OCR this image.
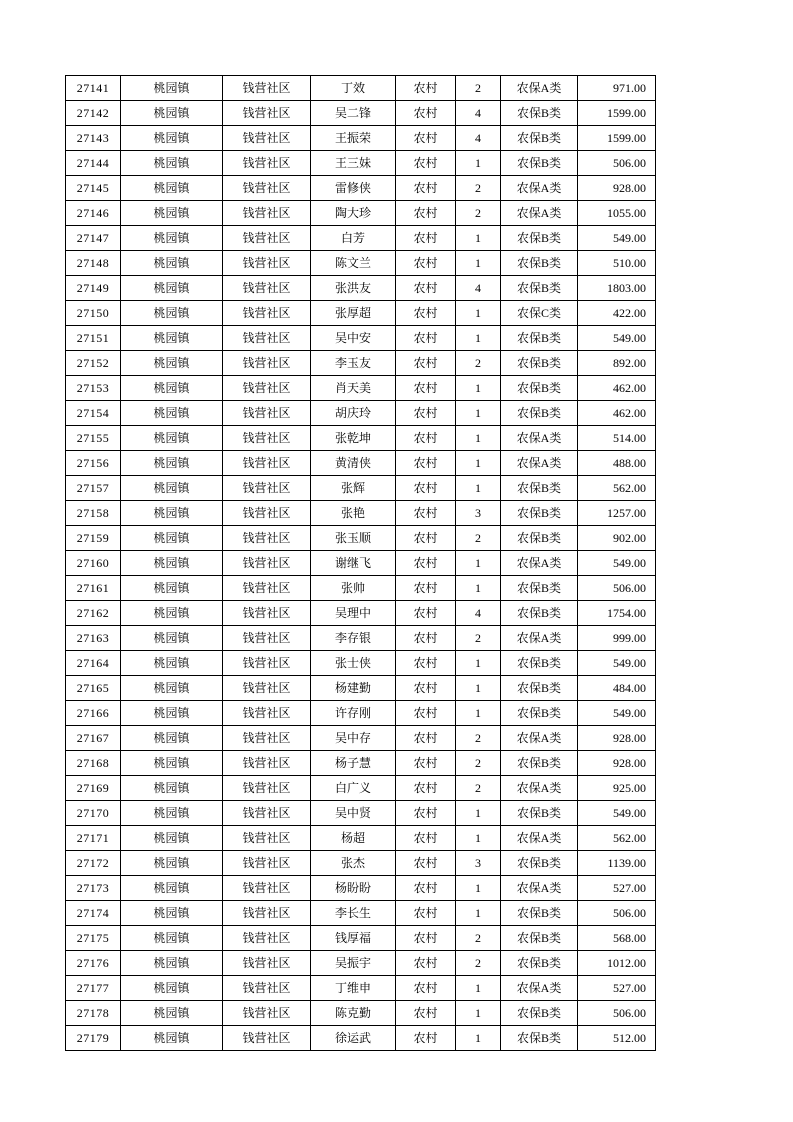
27141	桃园镇	钱营社区	丁效	农村	2	农保A类	971.00
27142	桃园镇	钱营社区	吴二锋	农村	4	农保B类	1599.00
27143	桃园镇	钱营社区	王振荣	农村	4	农保B类	1599.00
27144	桃园镇	钱营社区	王三妹	农村	1	农保B类	506.00
27145	桃园镇	钱营社区	雷修侠	农村	2	农保A类	928.00
27146	桃园镇	钱营社区	陶大珍	农村	2	农保A类	1055.00
27147	桃园镇	钱营社区	白芳	农村	1	农保B类	549.00
27148	桃园镇	钱营社区	陈文兰	农村	1	农保B类	510.00
27149	桃园镇	钱营社区	张洪友	农村	4	农保B类	1803.00
27150	桃园镇	钱营社区	张厚超	农村	1	农保C类	422.00
27151	桃园镇	钱营社区	吴中安	农村	1	农保B类	549.00
27152	桃园镇	钱营社区	李玉友	农村	2	农保B类	892.00
27153	桃园镇	钱营社区	肖天美	农村	1	农保B类	462.00
27154	桃园镇	钱营社区	胡庆玲	农村	1	农保B类	462.00
27155	桃园镇	钱营社区	张乾坤	农村	1	农保A类	514.00
27156	桃园镇	钱营社区	黄清侠	农村	1	农保A类	488.00
27157	桃园镇	钱营社区	张辉	农村	1	农保B类	562.00
27158	桃园镇	钱营社区	张艳	农村	3	农保B类	1257.00
27159	桃园镇	钱营社区	张玉顺	农村	2	农保B类	902.00
27160	桃园镇	钱营社区	谢继飞	农村	1	农保A类	549.00
27161	桃园镇	钱营社区	张帅	农村	1	农保B类	506.00
27162	桃园镇	钱营社区	吴理中	农村	4	农保B类	1754.00
27163	桃园镇	钱营社区	李存银	农村	2	农保A类	999.00
27164	桃园镇	钱营社区	张士侠	农村	1	农保B类	549.00
27165	桃园镇	钱营社区	杨建勤	农村	1	农保B类	484.00
27166	桃园镇	钱营社区	许存刚	农村	1	农保B类	549.00
27167	桃园镇	钱营社区	吴中存	农村	2	农保A类	928.00
27168	桃园镇	钱营社区	杨子慧	农村	2	农保B类	928.00
27169	桃园镇	钱营社区	白广义	农村	2	农保A类	925.00
27170	桃园镇	钱营社区	吴中贤	农村	1	农保B类	549.00
27171	桃园镇	钱营社区	杨超	农村	1	农保A类	562.00
27172	桃园镇	钱营社区	张杰	农村	3	农保B类	1139.00
27173	桃园镇	钱营社区	杨盼盼	农村	1	农保A类	527.00
27174	桃园镇	钱营社区	李长生	农村	1	农保B类	506.00
27175	桃园镇	钱营社区	钱厚福	农村	2	农保B类	568.00
27176	桃园镇	钱营社区	吴振宇	农村	2	农保B类	1012.00
27177	桃园镇	钱营社区	丁维申	农村	1	农保A类	527.00
27178	桃园镇	钱营社区	陈克勤	农村	1	农保B类	506.00
27179	桃园镇	钱营社区	徐运武	农村	1	农保B类	512.00
